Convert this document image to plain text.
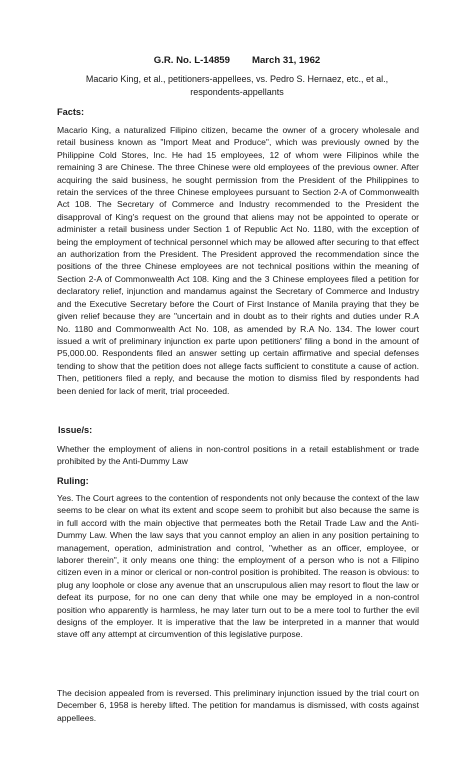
G.R. No. L-14859 March 31, 1962
Macario King, et al., petitioners-appellees, vs. Pedro S. Hernaez, etc., et al., respondents-appellants
Facts:
Macario King, a naturalized Filipino citizen, became the owner of a grocery wholesale and retail business known as "Import Meat and Produce", which was previously owned by the Philippine Cold Stores, Inc. He had 15 employees, 12 of whom were Filipinos while the remaining 3 are Chinese. The three Chinese were old employees of the previous owner. After acquiring the said business, he sought permission from the President of the Philippines to retain the services of the three Chinese employees pursuant to Section 2-A of Commonwealth Act 108. The Secretary of Commerce and Industry recommended to the President the disapproval of King's request on the ground that aliens may not be appointed to operate or administer a retail business under Section 1 of Republic Act No. 1180, with the exception of being the employment of technical personnel which may be allowed after securing to that effect an authorization from the President. The President approved the recommendation since the positions of the three Chinese employees are not technical positions within the meaning of Section 2-A of Commonwealth Act 108. King and the 3 Chinese employees filed a petition for declaratory relief, injunction and mandamus against the Secretary of Commerce and Industry and the Executive Secretary before the Court of First Instance of Manila praying that they be given relief because they are "uncertain and in doubt as to their rights and duties under R.A No. 1180 and Commonwealth Act No. 108, as amended by R.A No. 134. The lower court issued a writ of preliminary injunction ex parte upon petitioners' filing a bond in the amount of P5,000.00. Respondents filed an answer setting up certain affirmative and special defenses tending to show that the petition does not allege facts sufficient to constitute a cause of action. Then, petitioners filed a reply, and because the motion to dismiss filed by respondents had been denied for lack of merit, trial proceeded.
Issue/s:
Whether the employment of aliens in non-control positions in a retail establishment or trade prohibited by the Anti-Dummy Law
Ruling:
Yes. The Court agrees to the contention of respondents not only because the context of the law seems to be clear on what its extent and scope seem to prohibit but also because the same is in full accord with the main objective that permeates both the Retail Trade Law and the Anti-Dummy Law. When the law says that you cannot employ an alien in any position pertaining to management, operation, administration and control, "whether as an officer, employee, or laborer therein", it only means one thing: the employment of a person who is not a Filipino citizen even in a minor or clerical or non-control position is prohibited. The reason is obvious: to plug any loophole or close any avenue that an unscrupulous alien may resort to flout the law or defeat its purpose, for no one can deny that while one may be employed in a non-control position who apparently is harmless, he may later turn out to be a mere tool to further the evil designs of the employer. It is imperative that the law be interpreted in a manner that would stave off any attempt at circumvention of this legislative purpose.
The decision appealed from is reversed. This preliminary injunction issued by the trial court on December 6, 1958 is hereby lifted. The petition for mandamus is dismissed, with costs against appellees.
